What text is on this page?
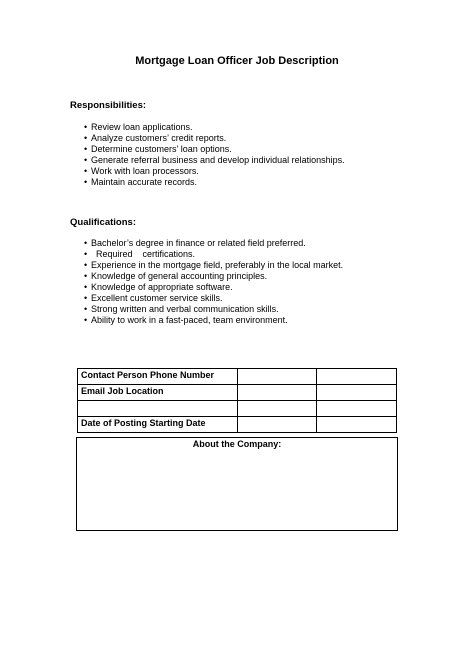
Mortgage Loan Officer Job Description
Responsibilities:
• Review loan applications.
• Analyze customers’ credit reports.
• Determine customers’ loan options.
• Generate referral business and develop individual relationships.
• Work with loan processors.
• Maintain accurate records.
Qualifications:
• Bachelor’s degree in finance or related field preferred.
•   Required    certifications.
• Experience in the mortgage field, preferably in the local market.
• Knowledge of general accounting principles.
• Knowledge of appropriate software.
• Excellent customer service skills.
• Strong written and verbal communication skills.
• Ability to work in a fast-paced, team environment.
Contact Person Phone Number		
Email Job Location		

Date of Posting Starting Date		
About the Company:
